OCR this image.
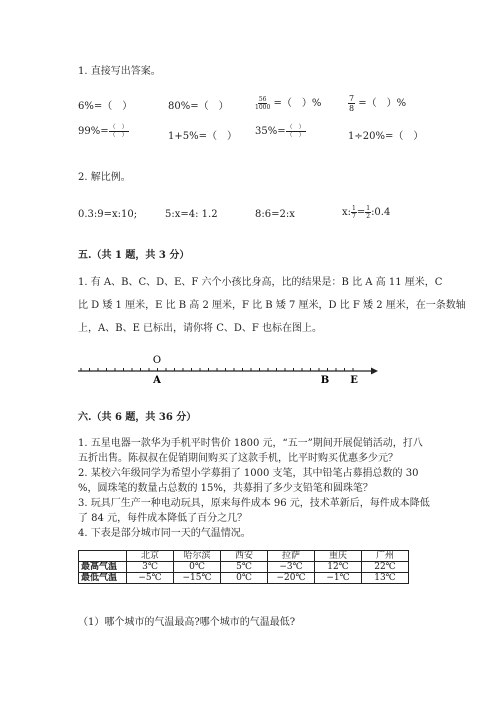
1. 直接写出答案。
6%=（　）	80%=（　）	$\frac{56}{1000}$ =（　）%	$\frac{7}{8}$ =（　）%
$99\%= \frac{( )}{( )}$	1+5%=（　） $35\%= \frac{( )}{( )}$	1÷20%=（　）
2. 解比例。
0.3:9=x:10;	5:x=4: 1.2	8:6=2:x	x: $\frac{1}{7} = \frac{1}{2}$ :0.4
五.（共 1 题，共 3 分）
1. 有 A、B、C、D、E、F 六个小孩比身高，比的结果是：B 比 A 高 11 厘米，C
比 D 矮 1 厘米，E 比 B 高 2 厘米，F 比 B 矮 7 厘米，D 比 F 矮 2 厘米，在一条数轴
上，A、B、E 已标出，请你将 C、D、F 也标在图上。
O
A	B E
六.（共 6 题，共 36 分）
1. 五星电器一款华为手机平时售价 1800 元，“五一”期间开展促销活动，打八
五折出售。陈叔叔在促销期间购买了这款手机，比平时购买优惠多少元？
2. 某校六年级同学为希望小学募捐了 1000 支笔，其中铅笔占募捐总数的 30
%，圆珠笔的数量占总数的 15%，共募捐了多少支铅笔和圆珠笔？
3. 玩具厂生产一种电动玩具，原来每件成本 96 元，技术革新后，每件成本降低
了 84 元，每件成本降低了百分之几？
4. 下表是部分城市同一天的气温情况。
	北京	哈尔滨	西安	拉萨	重庆	广州
最高气温	3℃	0℃	5℃	−3℃	12℃	22℃
最低气温	−5℃	−15℃	0℃	−20℃	−1℃	13℃
（1）哪个城市的气温最高?哪个城市的气温最低?
